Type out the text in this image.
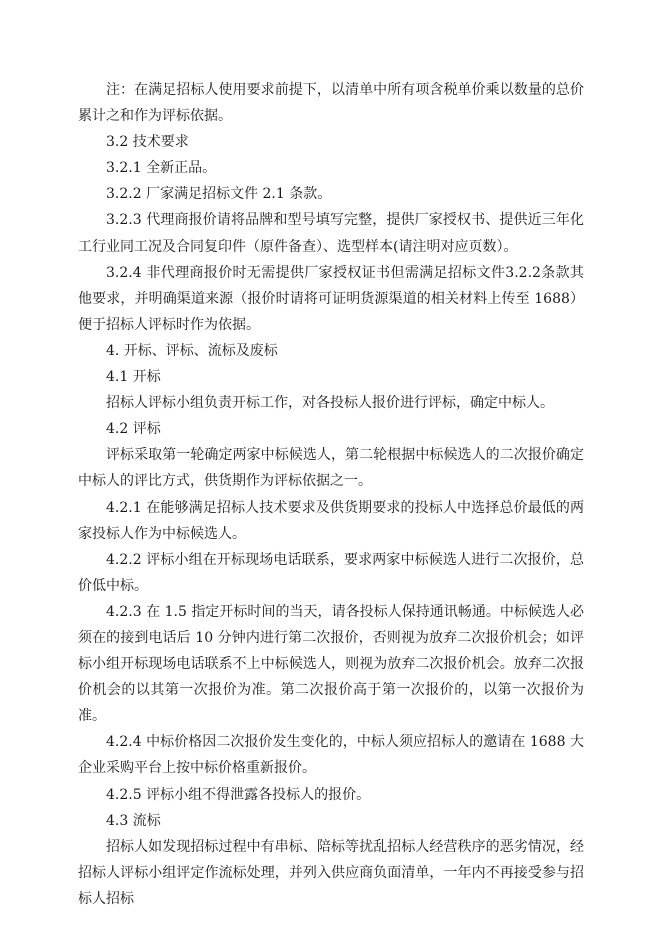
注：在满足招标人使用要求前提下，以清单中所有项含税单价乘以数量的总价累计之和作为评标依据。

3.2 技术要求

3.2.1 全新正品。

3.2.2 厂家满足招标文件 2.1 条款。

3.2.3 代理商报价请将品牌和型号填写完整，提供厂家授权书、提供近三年化工行业同工况及合同复印件（原件备查）、选型样本(请注明对应页数）。

3.2.4 非代理商报价时无需提供厂家授权证书但需满足招标文件3.2.2条款其他要求，并明确渠道来源（报价时请将可证明货源渠道的相关材料上传至 1688）便于招标人评标时作为依据。

4. 开标、评标、流标及废标

4.1 开标

招标人评标小组负责开标工作，对各投标人报价进行评标，确定中标人。

4.2 评标

评标采取第一轮确定两家中标候选人，第二轮根据中标候选人的二次报价确定中标人的评比方式，供货期作为评标依据之一。

4.2.1 在能够满足招标人技术要求及供货期要求的投标人中选择总价最低的两家投标人作为中标候选人。

4.2.2 评标小组在开标现场电话联系，要求两家中标候选人进行二次报价，总价低中标。

4.2.3 在 1.5 指定开标时间的当天，请各投标人保持通讯畅通。中标候选人必须在的接到电话后 10 分钟内进行第二次报价，否则视为放弃二次报价机会；如评标小组开标现场电话联系不上中标候选人，则视为放弃二次报价机会。放弃二次报价机会的以其第一次报价为准。第二次报价高于第一次报价的，以第一次报价为准。

4.2.4 中标价格因二次报价发生变化的，中标人须应招标人的邀请在 1688 大企业采购平台上按中标价格重新报价。

4.2.5 评标小组不得泄露各投标人的报价。

4.3 流标

招标人如发现招标过程中有串标、陪标等扰乱招标人经营秩序的恶劣情况，经招标人评标小组评定作流标处理，并列入供应商负面清单，一年内不再接受参与招标人招标
